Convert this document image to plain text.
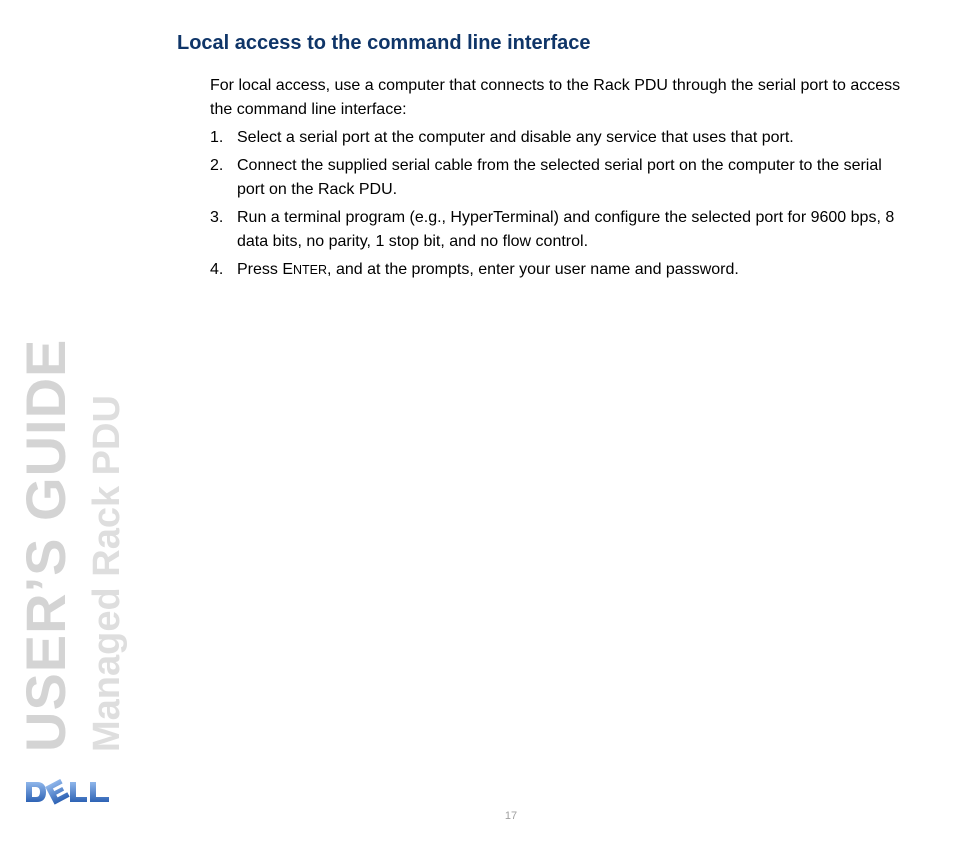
Local access to the command line interface

For local access, use a computer that connects to the Rack PDU through the serial port to access the command line interface:

1. Select a serial port at the computer and disable any service that uses that port.
2. Connect the supplied serial cable from the selected serial port on the computer to the serial port on the Rack PDU.
3. Run a terminal program (e.g., HyperTerminal) and configure the selected port for 9600 bps, 8 data bits, no parity, 1 stop bit, and no flow control.
4. Press ENTER, and at the prompts, enter your user name and password.
USER’S GUIDE Managed Rack PDU
17
